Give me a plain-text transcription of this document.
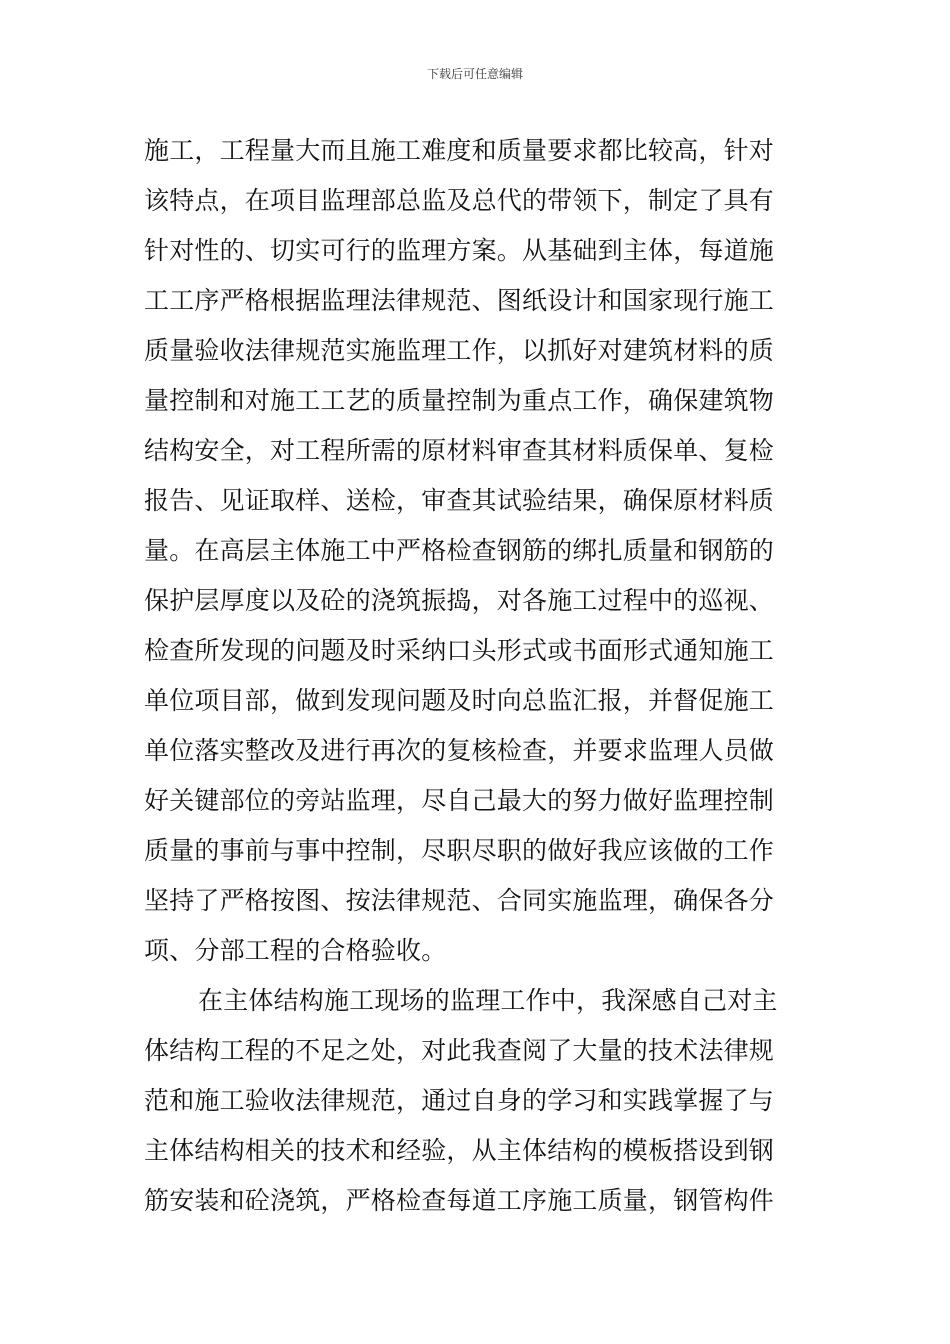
下载后可任意编辑
施工，工程量大而且施工难度和质量要求都比较高，针对
该特点，在项目监理部总监及总代的带领下，制定了具有
针对性的、切实可行的监理方案。从基础到主体，每道施
工工序严格根据监理法律规范、图纸设计和国家现行施工
质量验收法律规范实施监理工作，以抓好对建筑材料的质
量控制和对施工工艺的质量控制为重点工作，确保建筑物
结构安全，对工程所需的原材料审查其材料质保单、复检
报告、见证取样、送检，审查其试验结果，确保原材料质
量。在高层主体施工中严格检查钢筋的绑扎质量和钢筋的
保护层厚度以及砼的浇筑振捣，对各施工过程中的巡视、
检查所发现的问题及时采纳口头形式或书面形式通知施工
单位项目部，做到发现问题及时向总监汇报，并督促施工
单位落实整改及进行再次的复核检查，并要求监理人员做
好关键部位的旁站监理，尽自己最大的努力做好监理控制
质量的事前与事中控制，尽职尽职的做好我应该做的工作
坚持了严格按图、按法律规范、合同实施监理，确保各分
项、分部工程的合格验收。
在主体结构施工现场的监理工作中，我深感自己对主
体结构工程的不足之处，对此我查阅了大量的技术法律规
范和施工验收法律规范，通过自身的学习和实践掌握了与
主体结构相关的技术和经验，从主体结构的模板搭设到钢
筋安装和砼浇筑，严格检查每道工序施工质量，钢管构件
